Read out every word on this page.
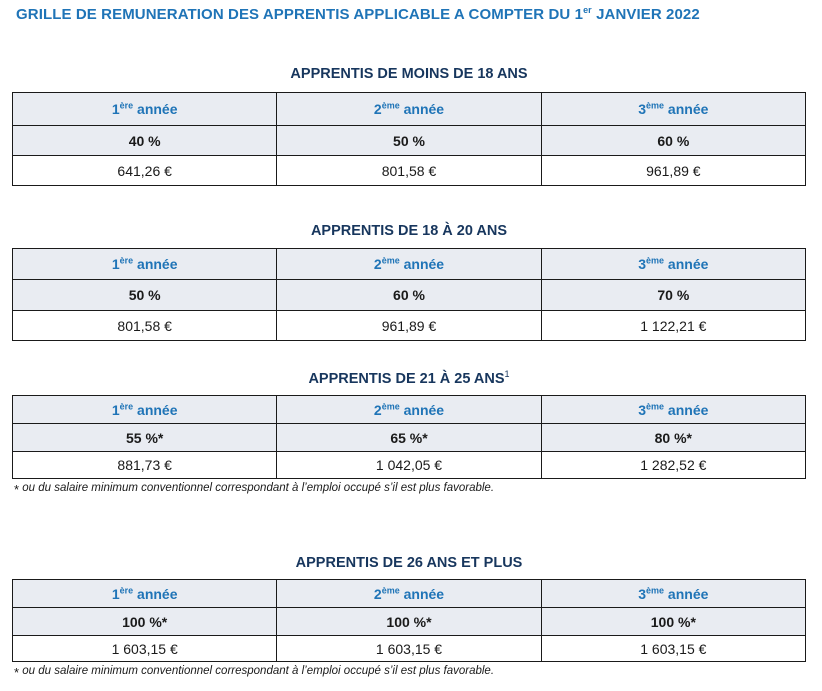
GRILLE DE REMUNERATION DES APPRENTIS APPLICABLE A COMPTER DU 1er JANVIER 2022
APPRENTIS DE MOINS DE 18 ANS
1ère année	2ème année	3ème année
40 %	50 %	60 %
641,26 €	801,58 €	961,89 €
APPRENTIS DE 18 À 20 ANS
1ère année	2ème année	3ème année
50 %	60 %	70 %
801,58 €	961,89 €	1 122,21 €
APPRENTIS DE 21 À 25 ANS$^1$
1ère année	2ème année	3ème année
55 %*	65 %*	80 %*
881,73 €	1 042,05 €	1 282,52 €
* ou du salaire minimum conventionnel correspondant à l’emploi occupé s’il est plus favorable.
APPRENTIS DE 26 ANS ET PLUS
1ère année	2ème année	3ème année
100 %*	100 %*	100 %*
1 603,15 €	1 603,15 €	1 603,15 €
* ou du salaire minimum conventionnel correspondant à l’emploi occupé s’il est plus favorable.
